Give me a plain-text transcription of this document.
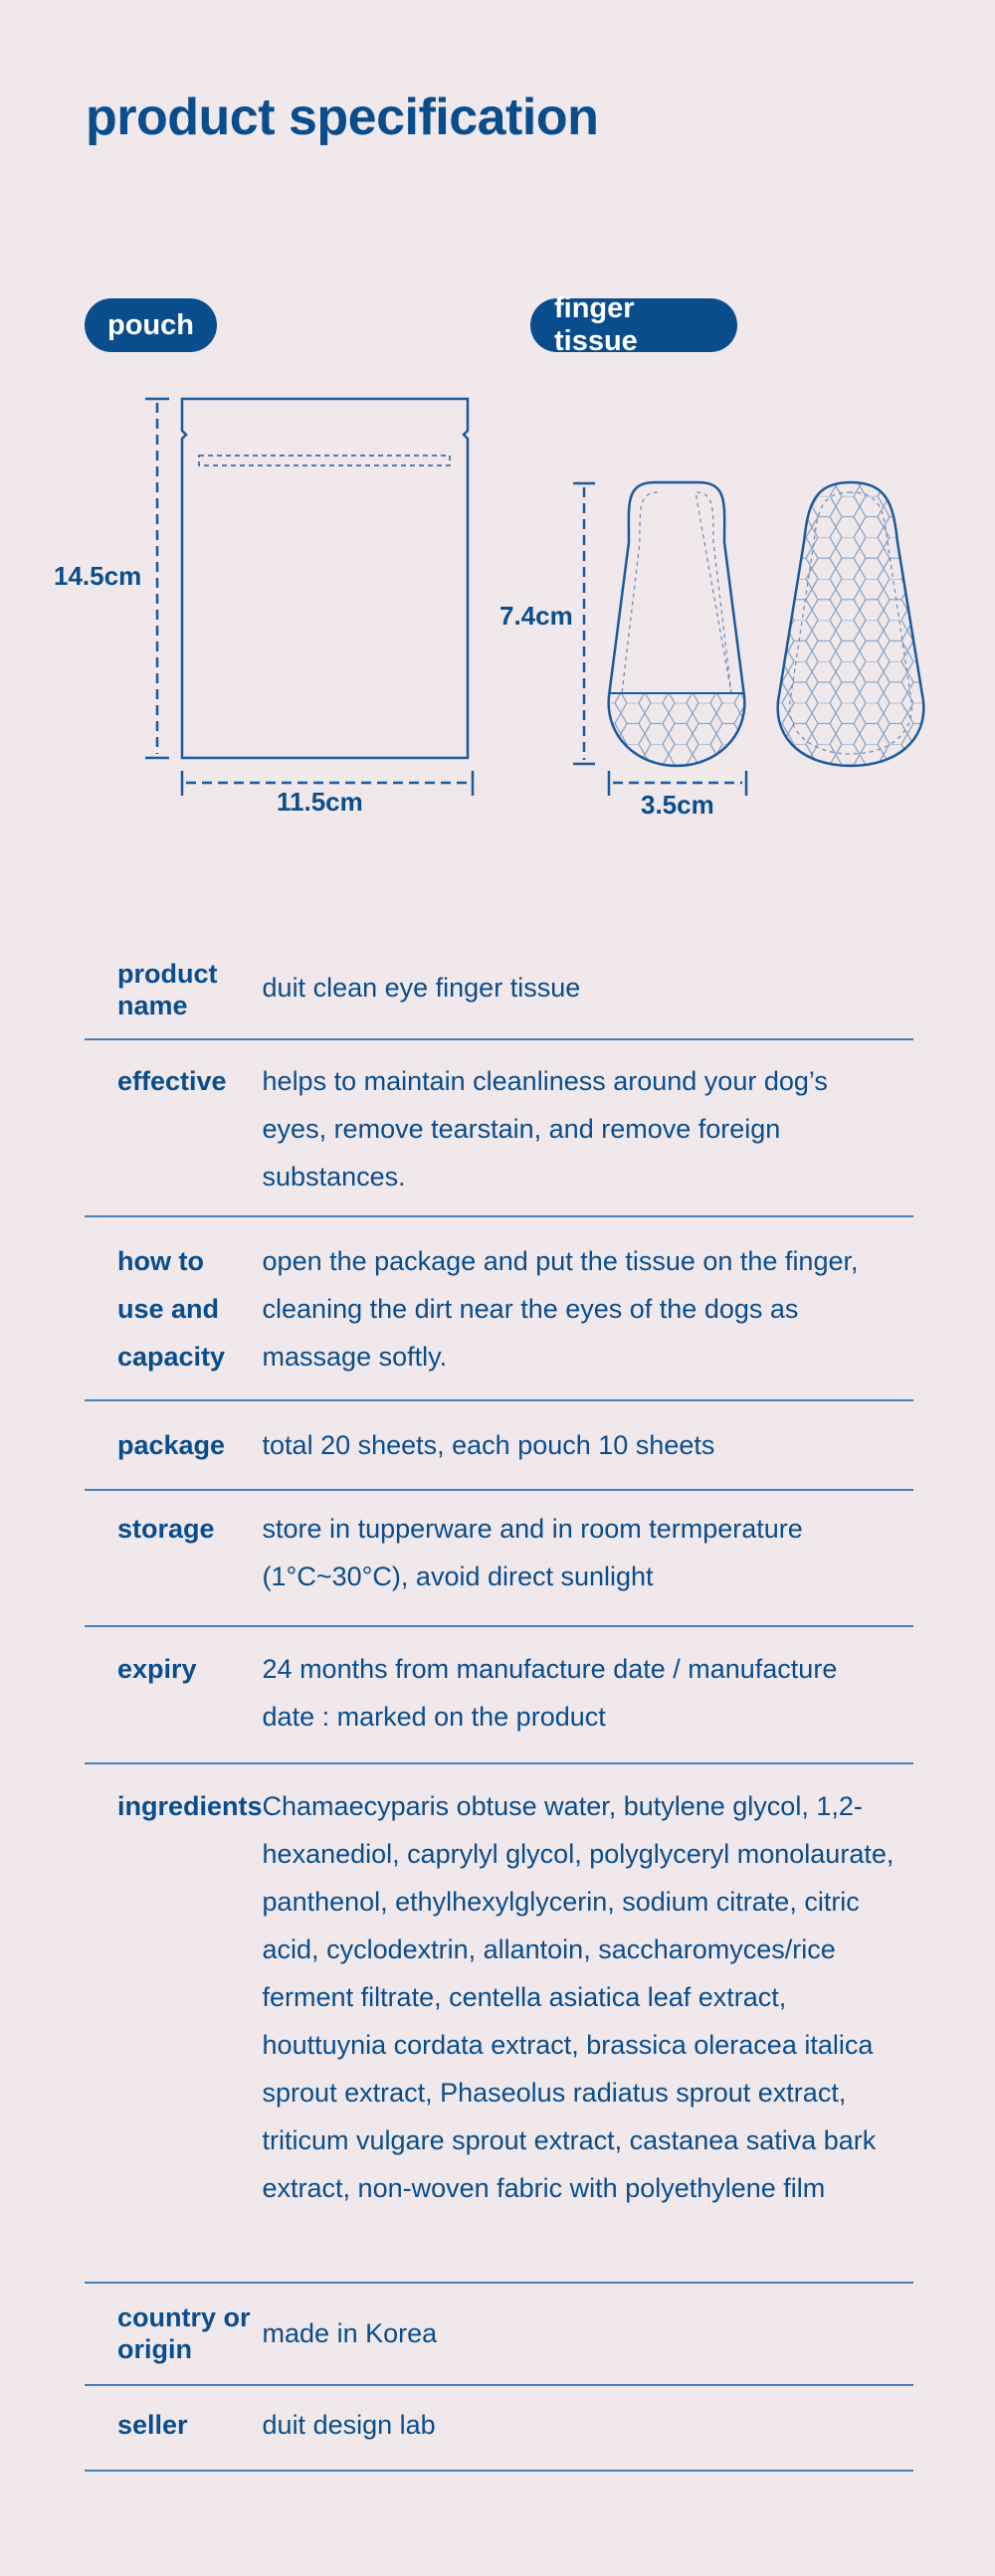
product specification
pouch
finger tissue
14.5cm
11.5cm
7.4cm
3.5cm
product name	duit clean eye finger tissue

effective	helps to maintain cleanliness around your dog’s eyes, remove tearstain, and remove foreign substances.

how to use and capacity	open the package and put the tissue on the finger, cleaning the dirt near the eyes of the dogs as massage softly.

package	total 20 sheets, each pouch 10 sheets

storage	store in tupperware and in room termperature (1°C~30°C), avoid direct sunlight

expiry	24 months from manufacture date / manufacture date : marked on the product

ingredients	Chamaecyparis obtuse water, butylene glycol, 1,2-hexanediol, caprylyl glycol, polyglyceryl monolaurate, panthenol, ethylhexylglycerin, sodium citrate, citric acid, cyclodextrin, allantoin, saccharomyces/rice ferment filtrate, centella asiatica leaf extract, houttuynia cordata extract, brassica oleracea italica sprout extract, Phaseolus radiatus sprout extract, triticum vulgare sprout extract, castanea sativa bark extract, non-woven fabric with polyethylene film

country or origin	made in Korea

seller	duit design lab
